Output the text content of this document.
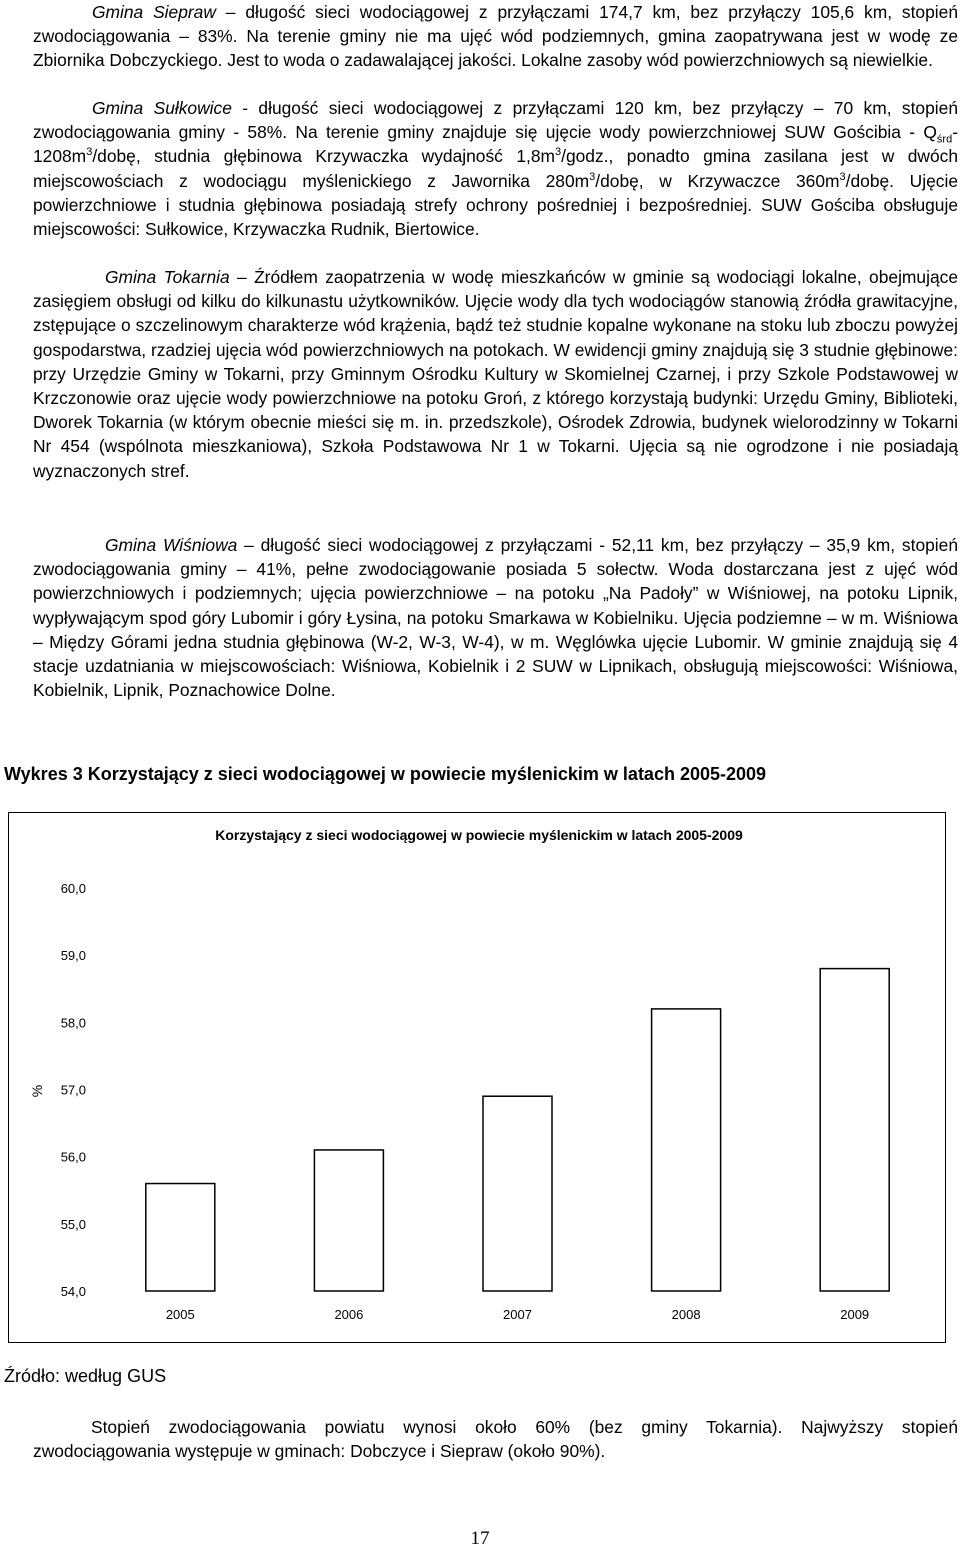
Gmina Siepraw – długość sieci wodociągowej z przyłączami 174,7 km, bez przyłączy 105,6 km, stopień zwodociągowania – 83%. Na terenie gminy nie ma ujęć wód podziemnych, gmina zaopatrywana jest w wodę ze Zbiornika Dobczyckiego. Jest to woda o zadawalającej jakości. Lokalne zasoby wód powierzchniowych są niewielkie.

Gmina Sułkowice - długość sieci wodociągowej z przyłączami 120 km, bez przyłączy – 70 km, stopień zwodociągowania gminy - 58%. Na terenie gminy znajduje się ujęcie wody powierzchniowej SUW Gościbia - $Q_{śrd}-1208m^3$/dobę, studnia głębinowa Krzywaczka wydajność $1,8m^3$/godz., ponadto gmina zasilana jest w dwóch miejscowościach z wodociągu myślenickiego z Jawornika $280m^3$/dobę, w Krzywaczce $360m^3$/dobę. Ujęcie powierzchniowe i studnia głębinowa posiadają strefy ochrony pośredniej i bezpośredniej. SUW Gościba obsługuje miejscowości: Sułkowice, Krzywaczka Rudnik, Biertowice.

Gmina Tokarnia – Źródłem zaopatrzenia w wodę mieszkańców w gminie są wodociągi lokalne, obejmujące zasięgiem obsługi od kilku do kilkunastu użytkowników. Ujęcie wody dla tych wodociągów stanowią źródła grawitacyjne, zstępujące o szczelinowym charakterze wód krążenia, bądź też studnie kopalne wykonane na stoku lub zboczu powyżej gospodarstwa, rzadziej ujęcia wód powierzchniowych na potokach. W ewidencji gminy znajdują się 3 studnie głębinowe: przy Urzędzie Gminy w Tokarni, przy Gminnym Ośrodku Kultury w Skomielnej Czarnej, i przy Szkole Podstawowej w Krzczonowie oraz ujęcie wody powierzchniowe na potoku Groń, z którego korzystają budynki: Urzędu Gminy, Biblioteki, Dworek Tokarnia (w którym obecnie mieści się m. in. przedszkole), Ośrodek Zdrowia, budynek wielorodzinny w Tokarni Nr 454 (wspólnota mieszkaniowa), Szkoła Podstawowa Nr 1 w Tokarni. Ujęcia są nie ogrodzone i nie posiadają wyznaczonych stref.

Gmina Wiśniowa – długość sieci wodociągowej z przyłączami - 52,11 km, bez przyłączy – 35,9 km, stopień zwodociągowania gminy – 41%, pełne zwodociągowanie posiada 5 sołectw. Woda dostarczana jest z ujęć wód powierzchniowych i podziemnych; ujęcia powierzchniowe – na potoku „Na Padoły” w Wiśniowej, na potoku Lipnik, wypływającym spod góry Lubomir i góry Łysina, na potoku Smarkawa w Kobielniku. Ujęcia podziemne – w m. Wiśniowa – Między Górami jedna studnia głębinowa (W-2, W-3, W-4), w m. Węglówka ujęcie Lubomir. W gminie znajdują się 4 stacje uzdatniania w miejscowościach: Wiśniowa, Kobielnik i 2 SUW w Lipnikach, obsługują miejscowości: Wiśniowa, Kobielnik, Lipnik, Poznachowice Dolne.

Wykres 3 Korzystający z sieci wodociągowej w powiecie myślenickim w latach 2005-2009
Korzystający z sieci wodociągowej w powiecie myślenickim w latach 2005-2009
%
54,0
55,0
56,0
57,0
58,0
59,0
60,0
2005	2006	2007	2008	2009
Źródło: według GUS

Stopień zwodociągowania powiatu wynosi około 60% (bez gminy Tokarnia). Najwyższy stopień zwodociągowania występuje w gminach: Dobczyce i Siepraw (około 90%).

17
